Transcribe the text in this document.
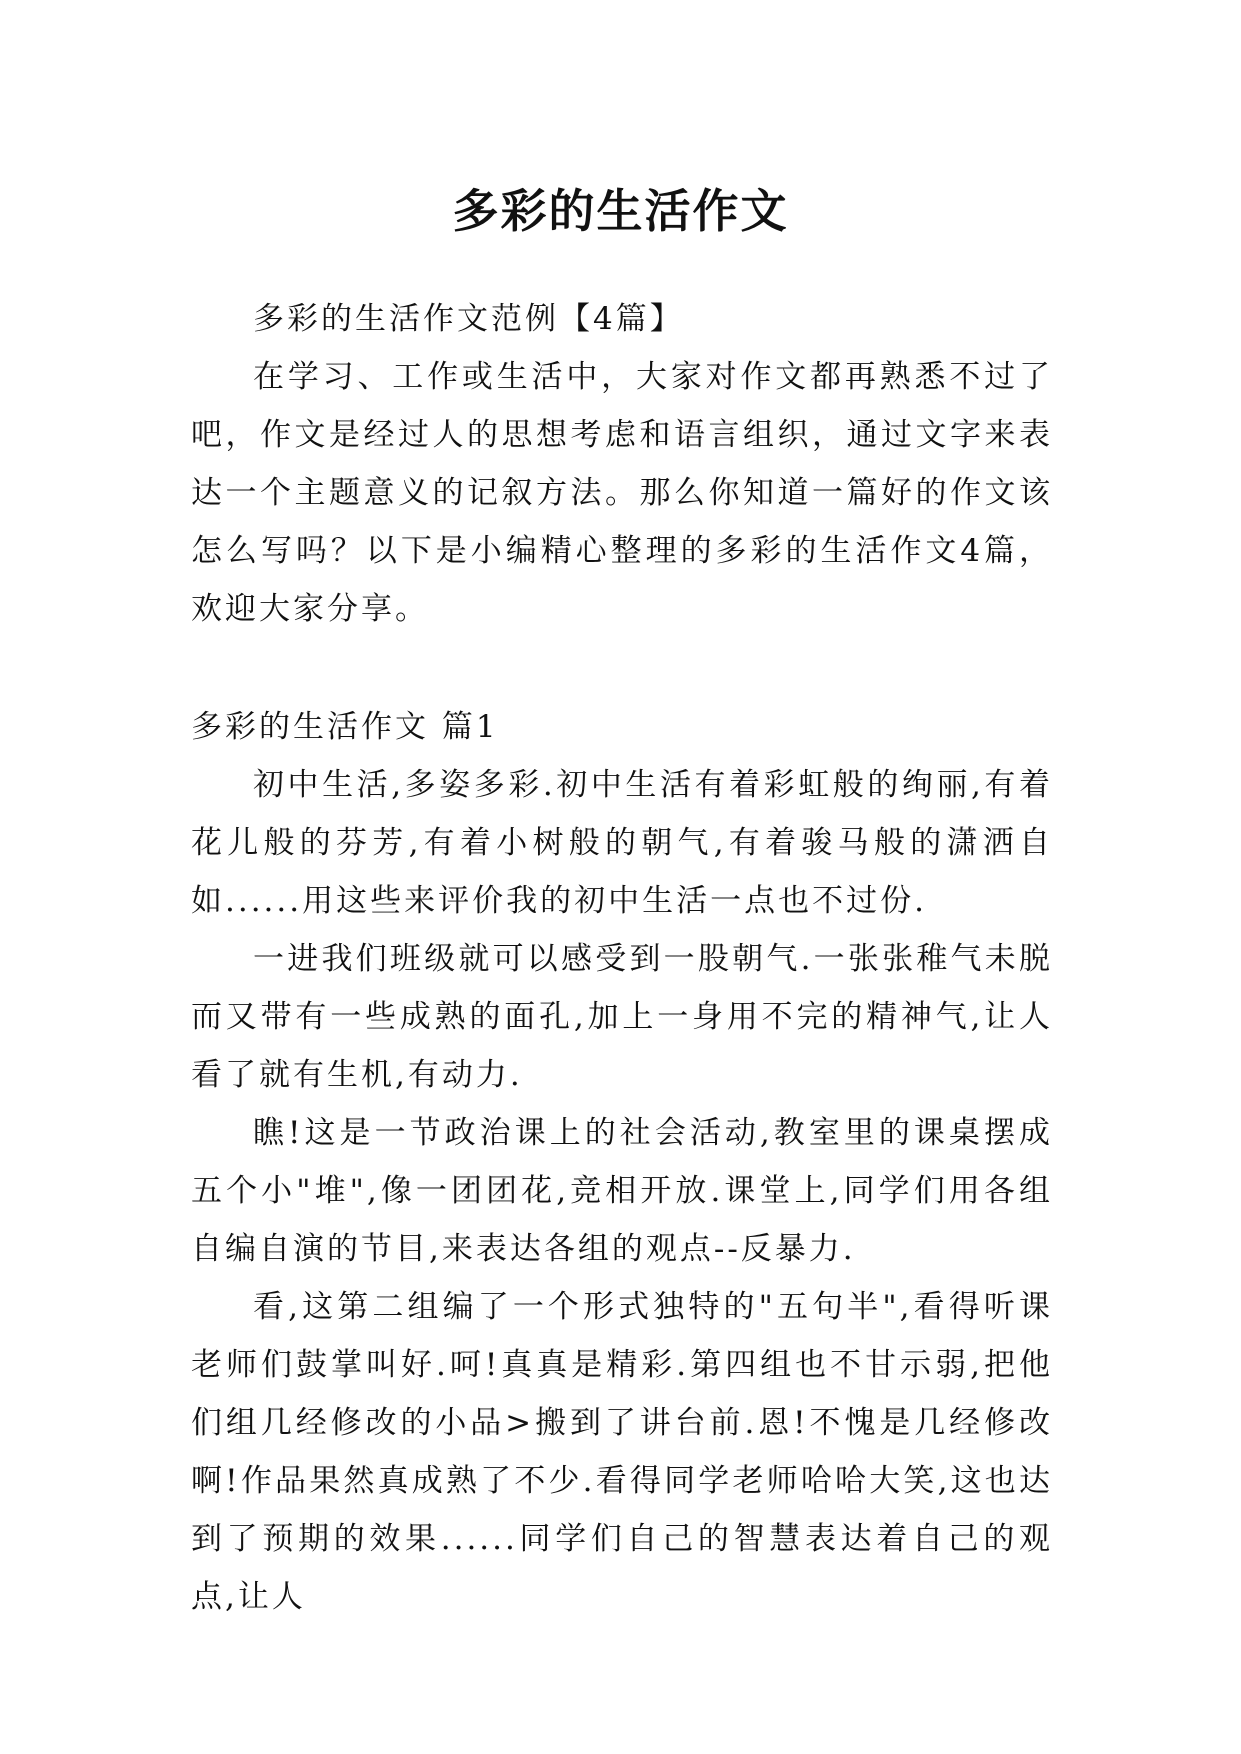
多彩的生活作文

多彩的生活作文范例【4篇】

在学习、工作或生活中，大家对作文都再熟悉不过了吧，作文是经过人的思想考虑和语言组织，通过文字来表达一个主题意义的记叙方法。那么你知道一篇好的作文该怎么写吗？以下是小编精心整理的多彩的生活作文4篇，欢迎大家分享。

多彩的生活作文 篇1

初中生活,多姿多彩.初中生活有着彩虹般的绚丽,有着花儿般的芬芳,有着小树般的朝气,有着骏马般的潇洒自如......用这些来评价我的初中生活一点也不过份.

一进我们班级就可以感受到一股朝气.一张张稚气未脱而又带有一些成熟的面孔,加上一身用不完的精神气,让人看了就有生机,有动力.

瞧!这是一节政治课上的社会活动,教室里的课桌摆成五个小"堆",像一团团花,竞相开放.课堂上,同学们用各组自编自演的节目,来表达各组的观点--反暴力.

看,这第二组编了一个形式独特的"五句半",看得听课老师们鼓掌叫好.呵!真真是精彩.第四组也不甘示弱,把他们组几经修改的小品>搬到了讲台前.恩!不愧是几经修改啊!作品果然真成熟了不少.看得同学老师哈哈大笑,这也达到了预期的效果......同学们自己的智慧表达着自己的观点,让人
